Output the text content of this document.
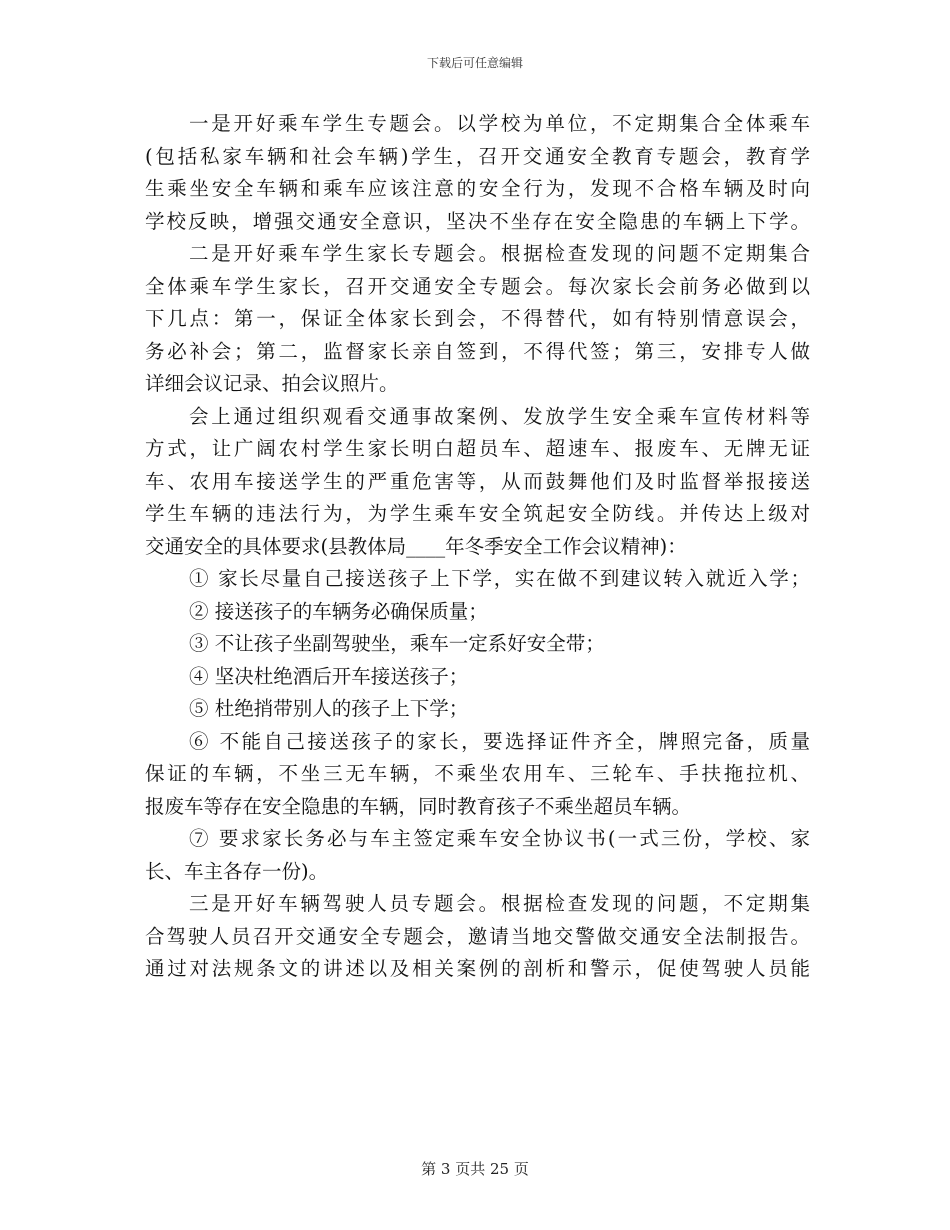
下载后可任意编辑
一是开好乘车学生专题会。以学校为单位，不定期集合全体乘车
(包括私家车辆和社会车辆)学生，召开交通安全教育专题会，教育学
生乘坐安全车辆和乘车应该注意的安全行为，发现不合格车辆及时向
学校反映，增强交通安全意识，坚决不坐存在安全隐患的车辆上下学。
二是开好乘车学生家长专题会。根据检查发现的问题不定期集合
全体乘车学生家长，召开交通安全专题会。每次家长会前务必做到以
下几点：第一，保证全体家长到会，不得替代，如有特别情意误会，
务必补会；第二，监督家长亲自签到，不得代签；第三，安排专人做
详细会议记录、拍会议照片。
会上通过组织观看交通事故案例、发放学生安全乘车宣传材料等
方式，让广阔农村学生家长明白超员车、超速车、报废车、无牌无证
车、农用车接送学生的严重危害等，从而鼓舞他们及时监督举报接送
学生车辆的违法行为，为学生乘车安全筑起安全防线。并传达上级对
交通安全的具体要求(县教体局____年冬季安全工作会议精神)：
① 家长尽量自己接送孩子上下学，实在做不到建议转入就近入学；
② 接送孩子的车辆务必确保质量；
③ 不让孩子坐副驾驶坐，乘车一定系好安全带；
④ 坚决杜绝酒后开车接送孩子；
⑤ 杜绝捎带别人的孩子上下学；
⑥ 不能自己接送孩子的家长，要选择证件齐全，牌照完备，质量
保证的车辆，不坐三无车辆，不乘坐农用车、三轮车、手扶拖拉机、
报废车等存在安全隐患的车辆，同时教育孩子不乘坐超员车辆。
⑦ 要求家长务必与车主签定乘车安全协议书(一式三份，学校、家
长、车主各存一份)。
三是开好车辆驾驶人员专题会。根据检查发现的问题，不定期集
合驾驶人员召开交通安全专题会，邀请当地交警做交通安全法制报告。
通过对法规条文的讲述以及相关案例的剖析和警示，促使驾驶人员能
第 3 页共 25 页
